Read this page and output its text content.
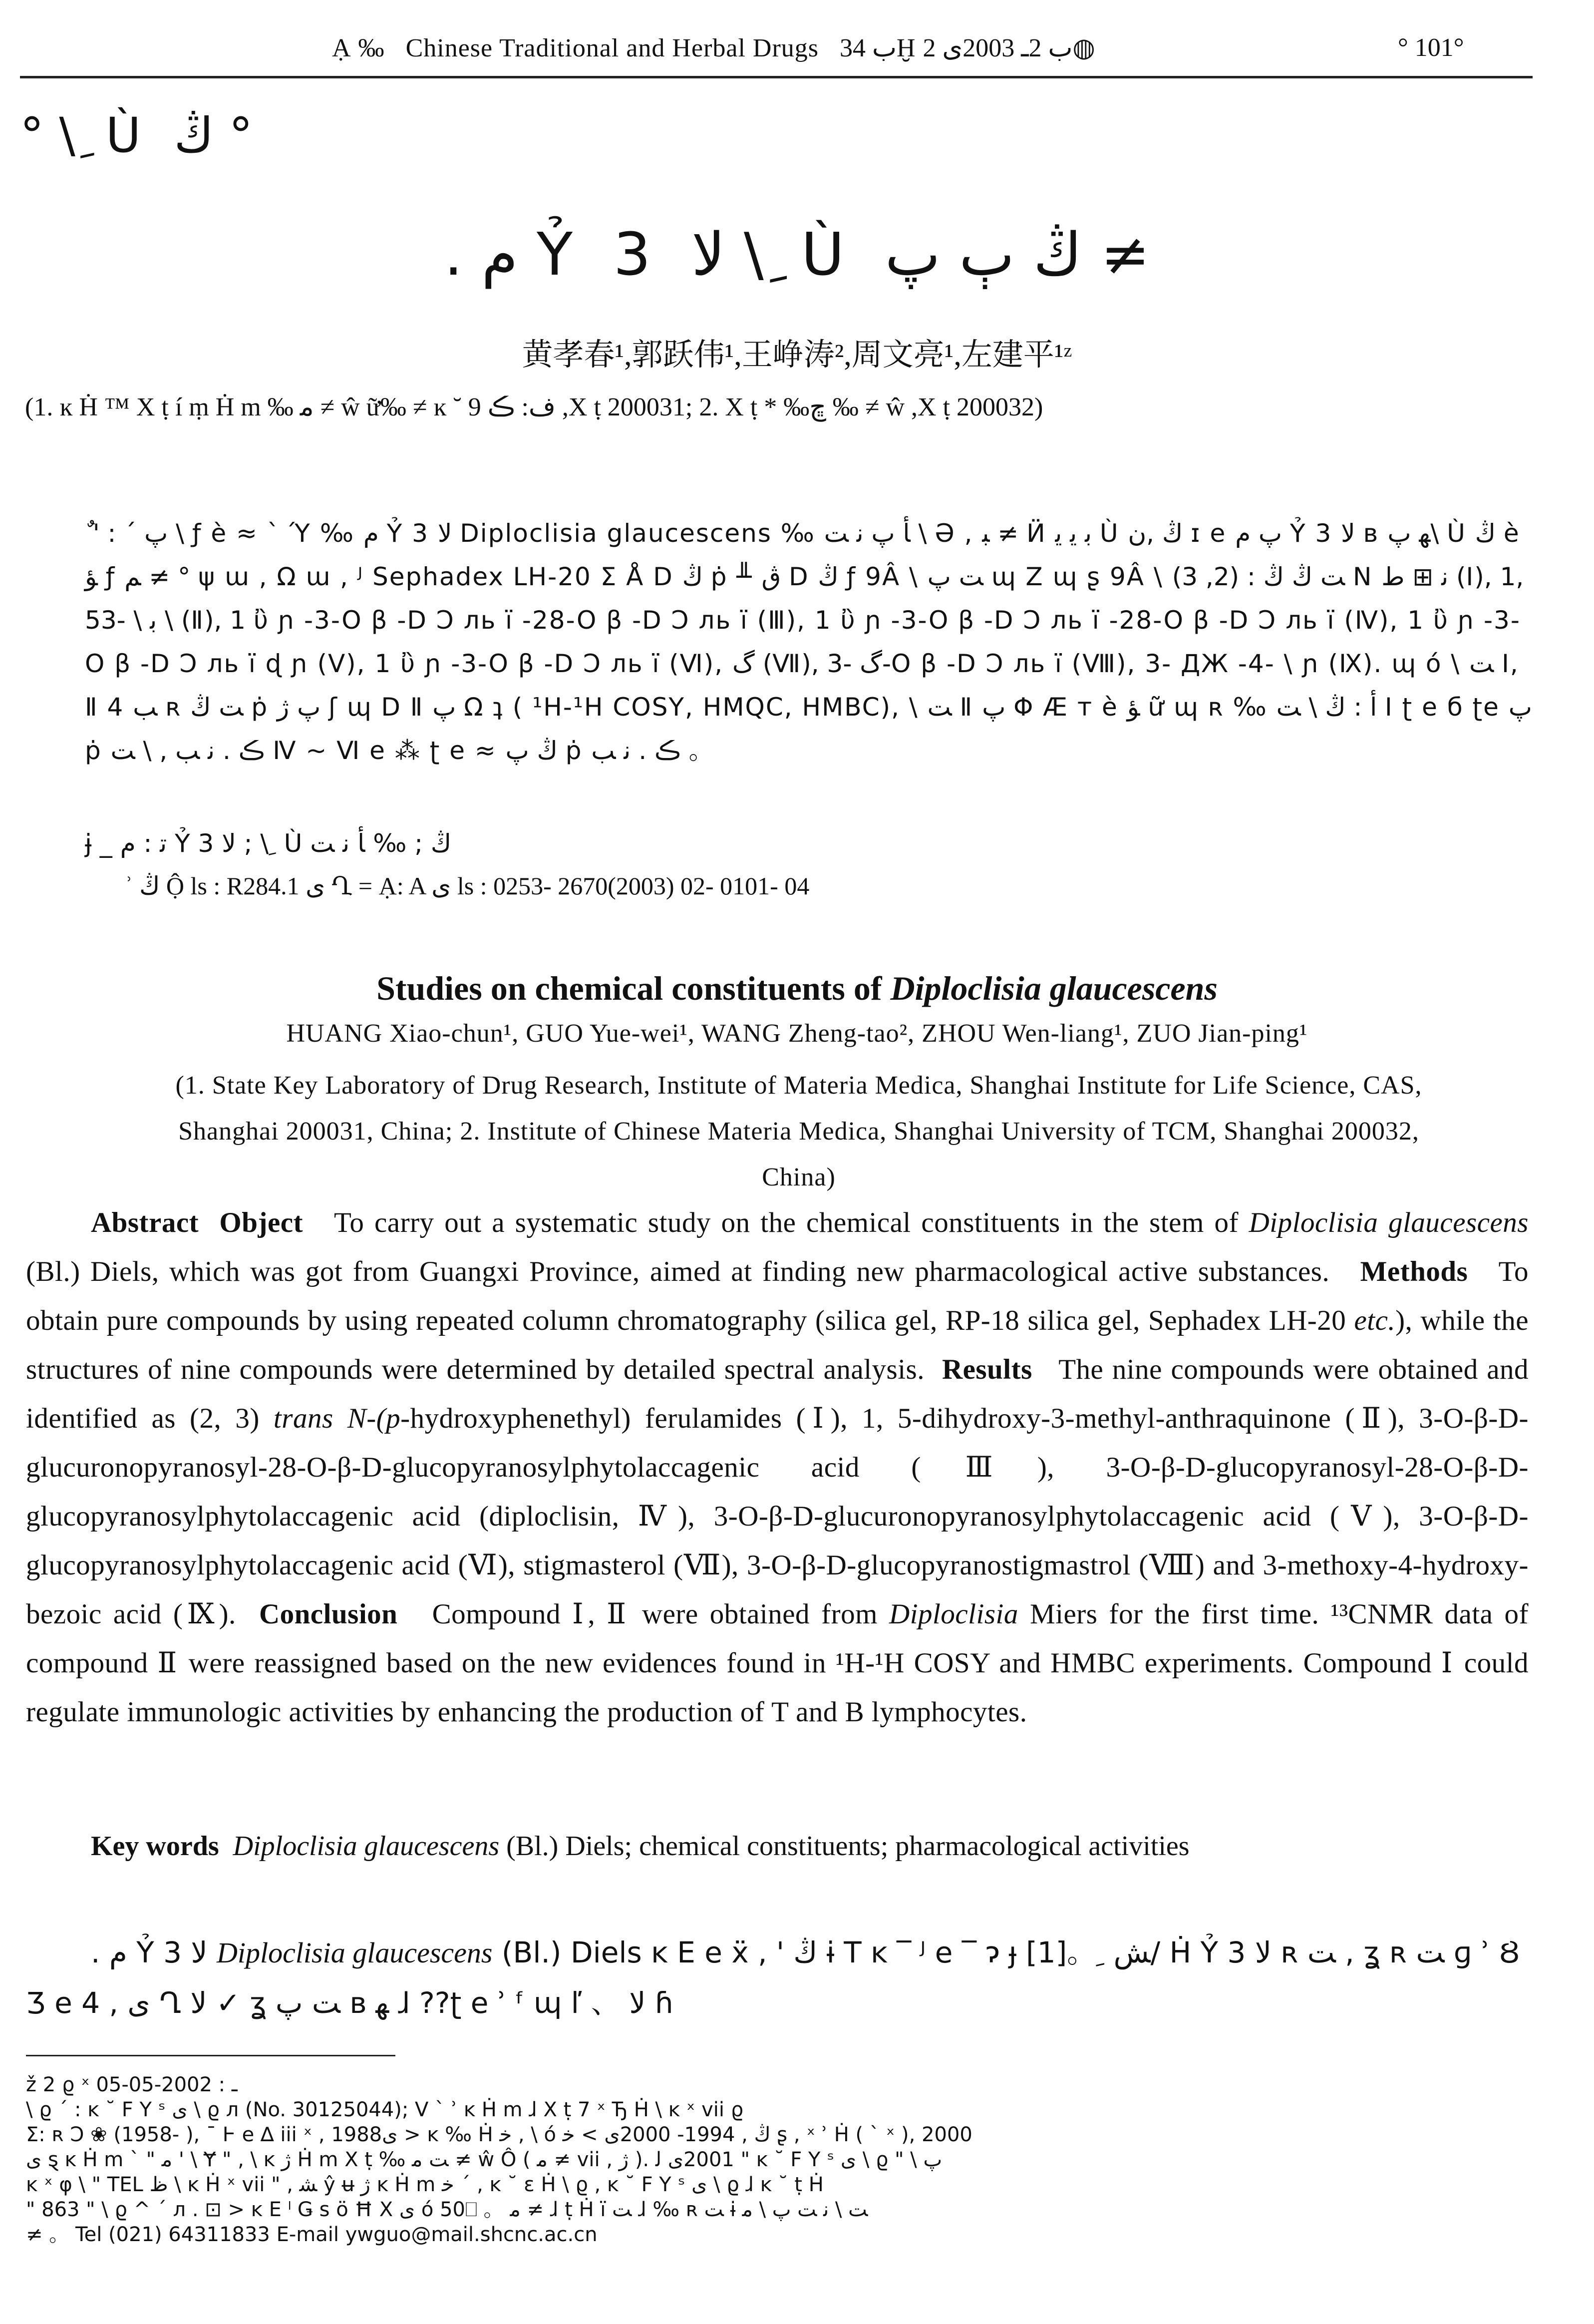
Ạ ‰ Chinese Traditional and Herbal Drugs ب 34Ḫ ب 2ـ 2003ى 2◍	° 101°
° \ ِ Ù ڭ °
. م Ỷ 3 ﻻ \ ِ Ù ڭ ٻ پ ≠
黄孝春¹,郭跃伟¹,王峥涛²,周文亮¹,左建平¹ᶻ
(1. ĸ Ḣ ™ Χ ṭ í ṃ Ḣ m ‰ ﻣ ≠ ŵ ữ‰ ≠ ĸ ˘ ف: ڪ 9 ,Χ ṭ 200031; 2. Χ ṭ * ‰ڇ ‰ ≠ ŵ ,Χ ṭ 200032)
ٌ ' : ˊ پ \ ƒ è ≈ ˋ Ύ ‰ م Ỷ 3 ﻻ Diploclisia glaucescens ‰ ﺄ پ ﻧ ﺖ \ Ə , ﺒ ≠ Ӥ ﺑ ﻳ ﻳ Ù ڭ ,ﻥ ɪ e پ م Ỷ 3 ﻻ ʙ ﻬ پ\ Ù ڭ è ﺆ ƒ ﻢ ≠ ° ψ ɯ , Ω ɯ , ᴶ Sephadex LH-20 Σ Å D ڭ ṗ ╨ ڨ D ڭ ƒ 9Â \ ﺖ پ ɰ Ζ ɰ ʂ 9Â \ ﺖ ڭ ڭ : (2, 3) N ﻧ ⊞ ط (Ⅰ), 1, 5ﺑ \ -3 \ (Ⅱ), 1 ὒ ɲ -3-O β -D Ͻ ль ï -28-O β -D Ͻ ль ï (Ⅲ), 1 ὒ ɲ -3-O β -D Ͻ ль ï -28-O β -D Ͻ ль ï (Ⅳ), 1 ὒ ɲ -3-O β -D Ͻ ль ï ɖ ɲ (Ⅴ), 1 ὒ ɲ -3-O β -D Ͻ ль ï (Ⅵ), گ (Ⅶ), گ -3-O β -D Ͻ ль ï (Ⅷ), 3- ДЖ -4- \ ɲ (Ⅸ). ɰ ó \ ﺖ Ⅰ, Ⅱ 4 ﺐ ʀ ﺖ ڭ ṗ پ ژ ʃ ɰ D Ⅱ پ Ω ʇ ( ¹H-¹H COSY, HMQC, HMBC), \ ﺖ Ⅱ پ Φ Æ ᴛ è ﺆ ữ ɰ ʀ ‰ ﺃ : ڭ \ ﺖ Ⅰ ʈ e б ʈe پ ṗ ڪ . ﻧ ﺐ , \ ﺖ Ⅳ ~ Ⅵ e ⁂ ʈ e ≈ ڭ پ ṗ ڪ . ﻧ ﺐ 。
ɉ _ ﺗ : م Ỷ 3 ﻻ ; \ ِ Ù ڭ ; ‰ ﺄ ﻧ ﺖ
ʾ ڭ Ộ ls : R284.1 ى Ղ = Ạ: A ى ls : 0253- 2670(2003) 02- 0101- 04
Studies on chemical constituents of Diploclisia glaucescens
HUANG Xiao-chun¹, GUO Yue-wei¹, WANG Zheng-tao², ZHOU Wen-liang¹, ZUO Jian-ping¹
(1. State Key Laboratory of Drug Research, Institute of Materia Medica, Shanghai Institute for Life Science, CAS, Shanghai 200031, China; 2. Institute of Chinese Materia Medica, Shanghai University of TCM, Shanghai 200032, China)
Abstract Object To carry out a systematic study on the chemical constituents in the stem of Diploclisia glaucescens (Bl.) Diels, which was got from Guangxi Province, aimed at finding new pharmacological active substances. Methods To obtain pure compounds by using repeated column chromatography (silica gel, RP-18 silica gel, Sephadex LH-20 etc.), while the structures of nine compounds were determined by detailed spectral analysis. Results The nine compounds were obtained and identified as (2, 3) trans N-(p-hydroxyphenethyl) ferulamides (Ⅰ), 1, 5-dihydroxy-3-methyl-anthraquinone (Ⅱ), 3-O-β-D-glucuronopyranosyl-28-O-β-D-glucopyranosylphytolaccagenic acid (Ⅲ), 3-O-β-D-glucopyranosyl-28-O-β-D-glucopyranosylphytolaccagenic acid (diploclisin, Ⅳ), 3-O-β-D-glucuronopyranosylphytolaccagenic acid (Ⅴ), 3-O-β-D-glucopyranosylphytolaccagenic acid (Ⅵ), stigmasterol (Ⅶ), 3-O-β-D-glucopyranostigmastrol (Ⅷ) and 3-methoxy-4-hydroxy-bezoic acid (Ⅸ). Conclusion Compound Ⅰ, Ⅱ were obtained from Diploclisia Miers for the first time. ¹³CNMR data of compound Ⅱ were reassigned based on the new evidences found in ¹H-¹H COSY and HMBC experiments. Compound Ⅰ could regulate immunologic activities by enhancing the production of T and B lymphocytes.
Key words Diploclisia glaucescens (Bl.) Diels; chemical constituents; pharmacological activities
. م Ỷ 3 ﻻ Diploclisia glaucescens (Bl.) Diels ĸ E e ẍ , ' ڭ ɨ T ĸ ‾ ᴶ e ‾ ɂ ɟ [1]。 ِ ﺶ/ Ḣ Ỷ 3 ﻻ ʀ ﺖ , ʓ ʀ ﺖ ɡ ʾ Ȣ Ʒ e 4 , ى Ղ ﻻ ✓ ʓ ﺖ پ ʙ ﻬ ɺ ??ʈ e ʾ ᶠ ɰ ľ 、 ﻻ ɦ
ž 2 ϱ ˣ ـ : 2002-05-05
\ ϱ ˊ : ĸ ˘ F Y ˢ ى \ ϱ л (No. 30125044); V ˋ ʾ ĸ Ḣ m ɺ Χ ṭ 7 ˣ Ђ Ḣ \ ĸ ˣ vii ϱ
Σ: ʀ Ͻ ❀ (1958- ), ˉ Ⱶ e ∆ iii ˣ , 1988ى > ĸ ‰ Ḣ ﺧ , \ ó ڭ , 1994- 2000ى > ﺧ ʂ , ˣ ʾ Ḣ ( ˋ ˣ ), 2000
ى ȿ ĸ Ḣ m ˋ " ﻣ ' \ Ɏ " , \ ĸ ژ Ḣ m Χ ṭ ‰ ﺖ ﻣ ≠ ŵ Ô ( ﻣ ≠ vii , ژ ). 2001ى ﻟ " ĸ ˘ F Y ˢ ى \ ϱ " \ پ
ĸ ˣ φ \ " TEL ﻅ \ ĸ Ḣ ˣ vii " , ﺸ ŷ ʉ ژ ĸ Ḣ m ﺧ ˊ , ĸ ˘ ɛ Ḣ \ ϱ , ĸ ˘ F Y ˢ ى \ ϱ ɺ ĸ ˘ ṭ Ḣ
" 863 " \ ϱ ^ ˊ л . ⊡ > ĸ E ˡ Ǥ s ö Ħ Χ ى ó 50⎕ 。 ﻣ ≠ ɺ ṭ Ḣ ï ﺖ ɺ ‰ ʀ ﺖ ɨ ﺖ \ ﻧ ﺖ پ \ ﻣ
≠ 。 Tel (021) 64311833 E-mail ywguo@mail.shcnc.ac.cn
